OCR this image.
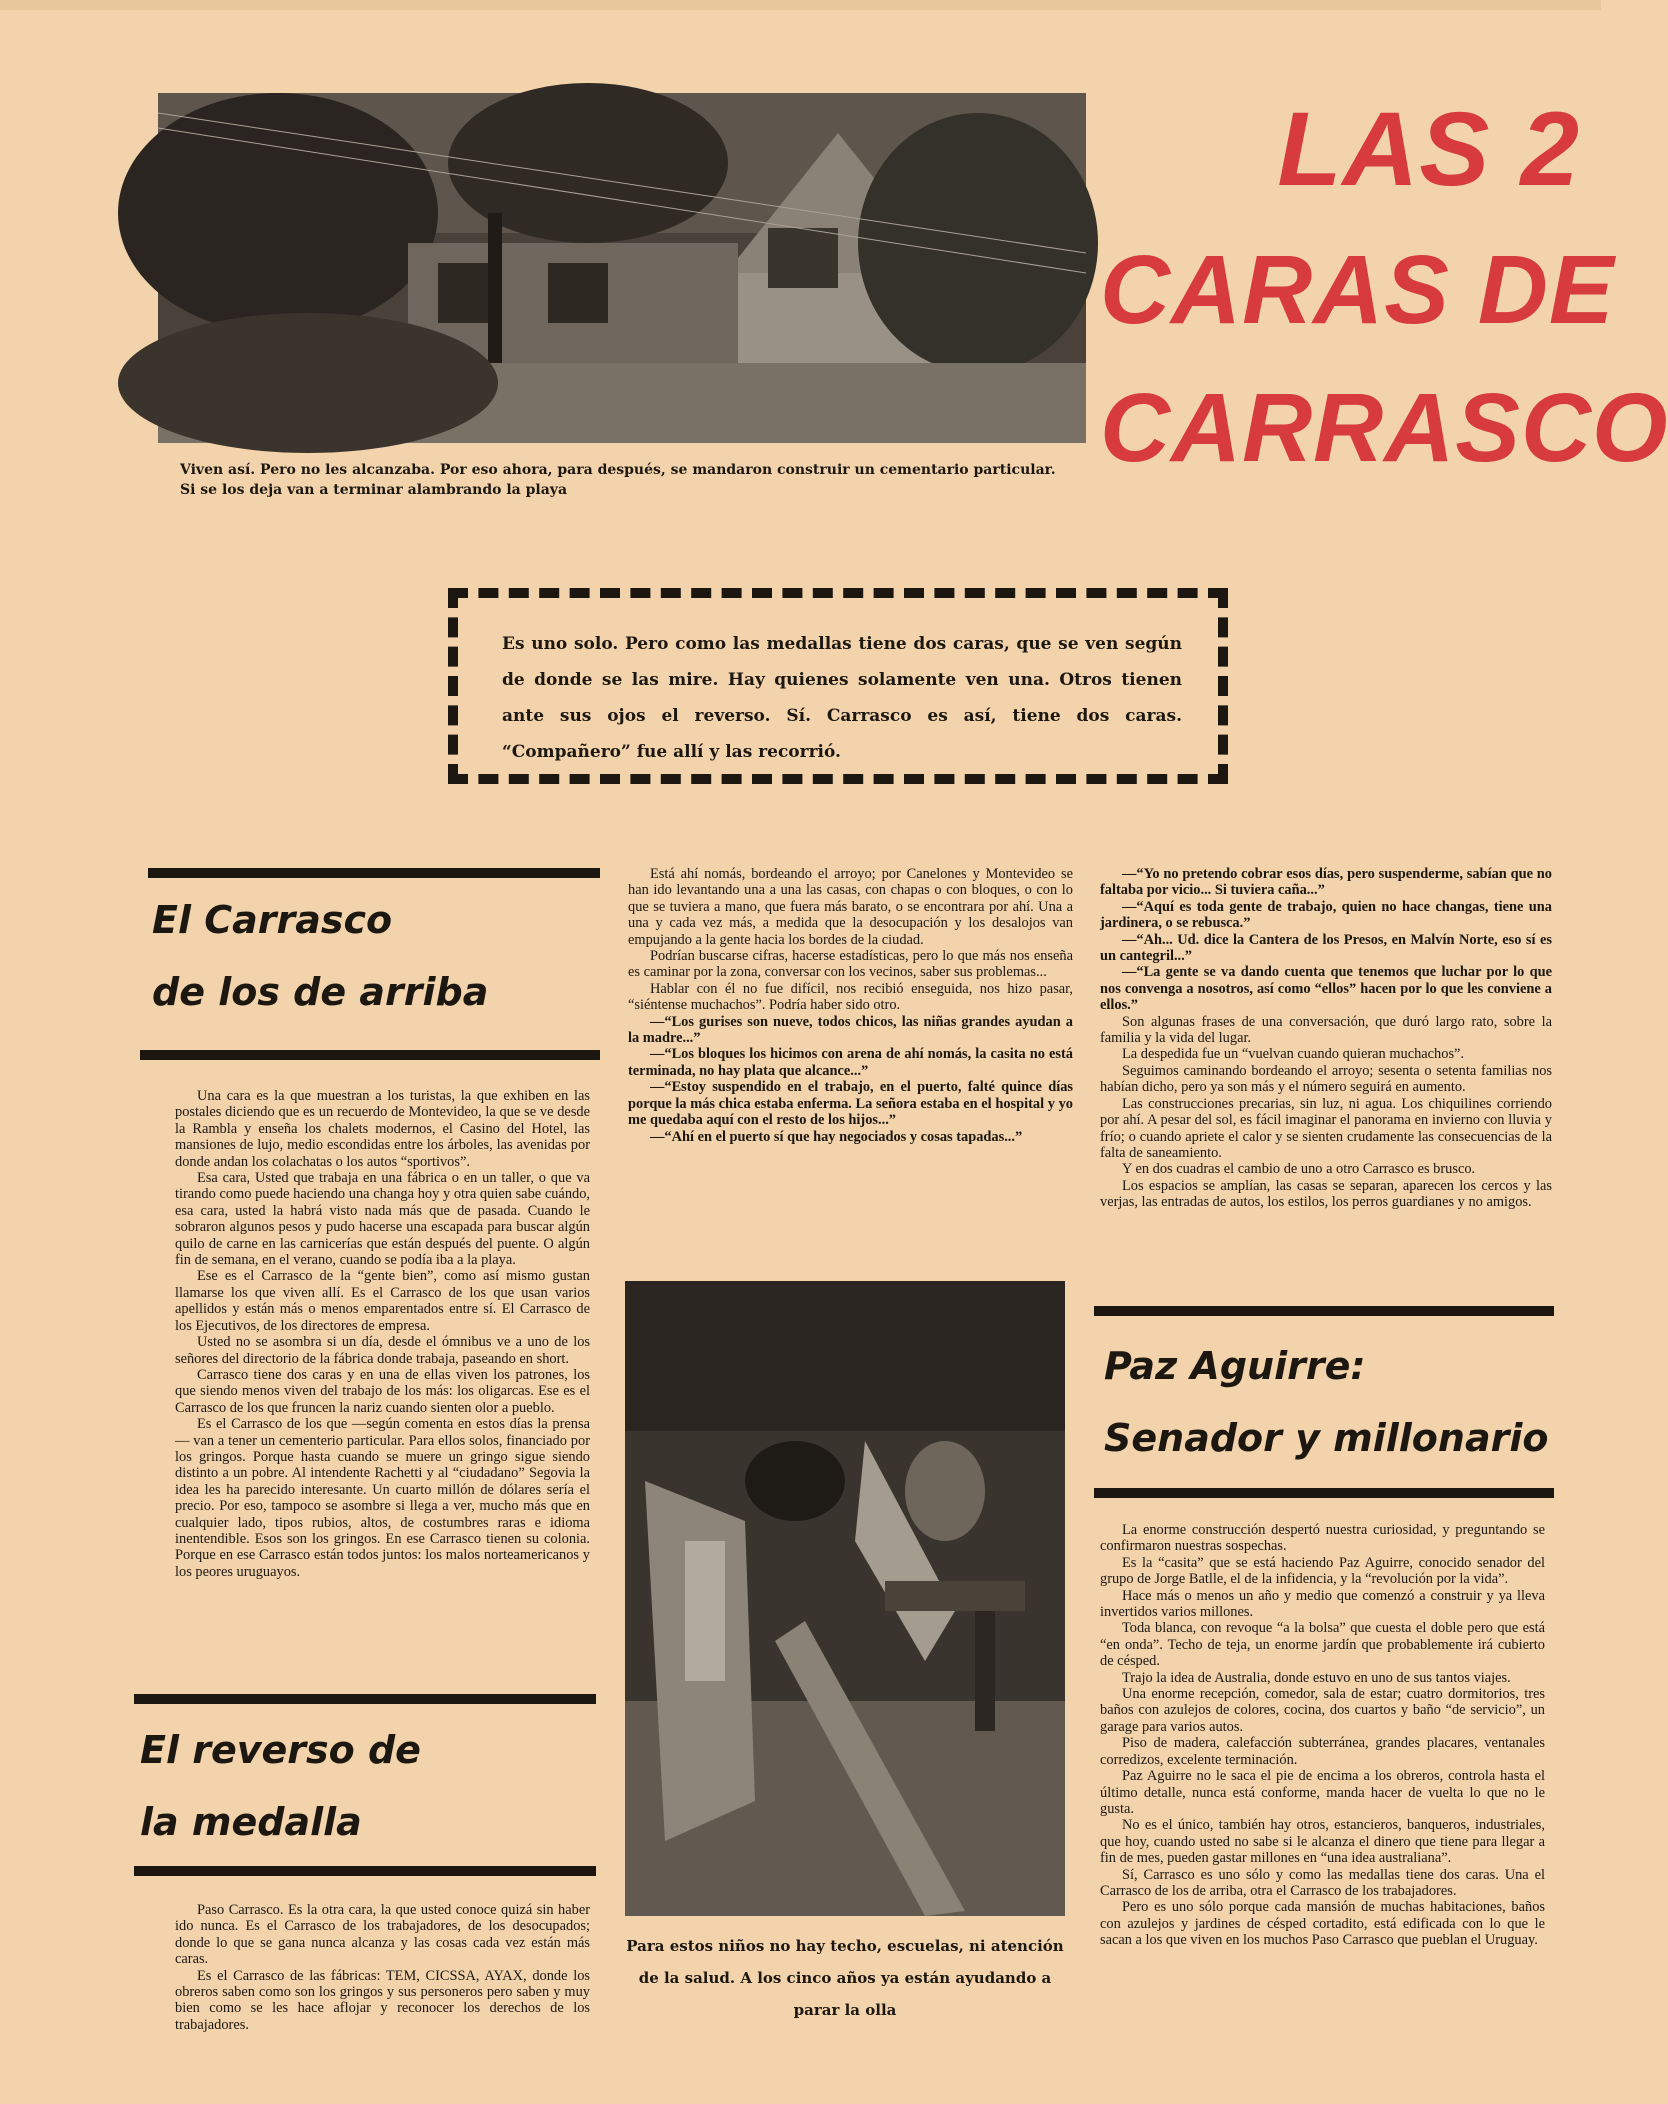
Viven así. Pero no les alcanzaba. Por eso ahora, para después, se mandaron construir un cementario particular. Si se los deja van a terminar alambrando la playa
LAS 2
CARAS DE
CARRASCO
Es uno solo. Pero como las medallas tiene dos caras, que se ven según de donde se las mire. Hay quienes solamente ven una. Otros tienen ante sus ojos el reverso. Sí. Carrasco es así, tiene dos caras. “Compañero” fue allí y las recorrió.
El Carrasco
de los de arriba

Una cara es la que muestran a los turistas, la que exhiben en las postales diciendo que es un recuerdo de Montevideo, la que se ve desde la Rambla y enseña los chalets modernos, el Casino del Hotel, las mansiones de lujo, medio escondidas entre los árboles, las avenidas por donde andan los colachatas o los autos “sportivos”.

Esa cara, Usted que trabaja en una fábrica o en un taller, o que va tirando como puede haciendo una changa hoy y otra quien sabe cuándo, esa cara, usted la habrá visto nada más que de pasada. Cuando le sobraron algunos pesos y pudo hacerse una escapada para buscar algún quilo de carne en las carnicerías que están después del puente. O algún fin de semana, en el verano, cuando se podía iba a la playa.

Ese es el Carrasco de la “gente bien”, como así mismo gustan llamarse los que viven allí. Es el Carrasco de los que usan varios apellidos y están más o menos emparentados entre sí. El Carrasco de los Ejecutivos, de los directores de empresa.

Usted no se asombra si un día, desde el ómnibus ve a uno de los señores del directorio de la fábrica donde trabaja, paseando en short.

Carrasco tiene dos caras y en una de ellas viven los patrones, los que siendo menos viven del trabajo de los más: los oligarcas. Ese es el Carrasco de los que fruncen la nariz cuando sienten olor a pueblo.

Es el Carrasco de los que —según comenta en estos días la prensa— van a tener un cementerio particular. Para ellos solos, financiado por los gringos. Porque hasta cuando se muere un gringo sigue siendo distinto a un pobre. Al intendente Rachetti y al “ciudadano” Segovia la idea les ha parecido interesante. Un cuarto millón de dólares sería el precio. Por eso, tampoco se asombre si llega a ver, mucho más que en cualquier lado, tipos rubios, altos, de costumbres raras e idioma inentendible. Esos son los gringos. En ese Carrasco tienen su colonia. Porque en ese Carrasco están todos juntos: los malos norteamericanos y los peores uruguayos.

El reverso de
la medalla

Paso Carrasco. Es la otra cara, la que usted conoce quizá sin haber ido nunca. Es el Carrasco de los trabajadores, de los desocupados; donde lo que se gana nunca alcanza y las cosas cada vez están más caras.

Es el Carrasco de las fábricas: TEM, CICSSA, AYAX, donde los obreros saben como son los gringos y sus personeros pero saben y muy bien como se les hace aflojar y reconocer los derechos de los trabajadores.

Está ahí nomás, bordeando el arroyo; por Canelones y Montevideo se han ido levantando una a una las casas, con chapas o con bloques, o con lo que se tuviera a mano, que fuera más barato, o se encontrara por ahí. Una a una y cada vez más, a medida que la desocupación y los desalojos van empujando a la gente hacia los bordes de la ciudad.

Podrían buscarse cifras, hacerse estadísticas, pero lo que más nos enseña es caminar por la zona, conversar con los vecinos, saber sus problemas...

Hablar con él no fue difícil, nos recibió enseguida, nos hizo pasar, “siéntense muchachos”. Podría haber sido otro.

—“Los gurises son nueve, todos chicos, las niñas grandes ayudan a la madre...”

—“Los bloques los hicimos con arena de ahí nomás, la casita no está terminada, no hay plata que alcance...”

—“Estoy suspendido en el trabajo, en el puerto, falté quince días porque la más chica estaba enferma. La señora estaba en el hospital y yo me quedaba aquí con el resto de los hijos...”

—“Ahí en el puerto sí que hay negociados y cosas tapadas...”

Para estos niños no hay techo, escuelas, ni atención de la salud. A los cinco años ya están ayudando a parar la olla

—“Yo no pretendo cobrar esos días, pero suspenderme, sabían que no faltaba por vicio... Si tuviera caña...”

—“Aquí es toda gente de trabajo, quien no hace changas, tiene una jardinera, o se rebusca.”

—“Ah... Ud. dice la Cantera de los Presos, en Malvín Norte, eso sí es un cantegril...”

—“La gente se va dando cuenta que tenemos que luchar por lo que nos convenga a nosotros, así como “ellos” hacen por lo que les conviene a ellos.”

Son algunas frases de una conversación, que duró largo rato, sobre la familia y la vida del lugar.

La despedida fue un “vuelvan cuando quieran muchachos”.

Seguimos caminando bordeando el arroyo; sesenta o setenta familias nos habían dicho, pero ya son más y el número seguirá en aumento.

Las construcciones precarias, sin luz, ni agua. Los chiquilines corriendo por ahí. A pesar del sol, es fácil imaginar el panorama en invierno con lluvia y frío; o cuando apriete el calor y se sienten crudamente las consecuencias de la falta de saneamiento.

Y en dos cuadras el cambio de uno a otro Carrasco es brusco.

Los espacios se amplían, las casas se separan, aparecen los cercos y las verjas, las entradas de autos, los estilos, los perros guardianes y no amigos.

Paz Aguirre:
Senador y millonario

La enorme construcción despertó nuestra curiosidad, y preguntando se confirmaron nuestras sospechas.

Es la “casita” que se está haciendo Paz Aguirre, conocido senador del grupo de Jorge Batlle, el de la infidencia, y la “revolución por la vida”.

Hace más o menos un año y medio que comenzó a construir y ya lleva invertidos varios millones.

Toda blanca, con revoque “a la bolsa” que cuesta el doble pero que está “en onda”. Techo de teja, un enorme jardín que probablemente irá cubierto de césped.

Trajo la idea de Australia, donde estuvo en uno de sus tantos viajes.

Una enorme recepción, comedor, sala de estar; cuatro dormitorios, tres baños con azulejos de colores, cocina, dos cuartos y baño “de servicio”, un garage para varios autos.

Piso de madera, calefacción subterránea, grandes placares, ventanales corredizos, excelente terminación.

Paz Aguirre no le saca el pie de encima a los obreros, controla hasta el último detalle, nunca está conforme, manda hacer de vuelta lo que no le gusta.

No es el único, también hay otros, estancieros, banqueros, industriales, que hoy, cuando usted no sabe si le alcanza el dinero que tiene para llegar a fin de mes, pueden gastar millones en “una idea australiana”.

Sí, Carrasco es uno sólo y como las medallas tiene dos caras. Una el Carrasco de los de arriba, otra el Carrasco de los trabajadores.

Pero es uno sólo porque cada mansión de muchas habitaciones, baños con azulejos y jardines de césped cortadito, está edificada con lo que le sacan a los que viven en los muchos Paso Carrasco que pueblan el Uruguay.
